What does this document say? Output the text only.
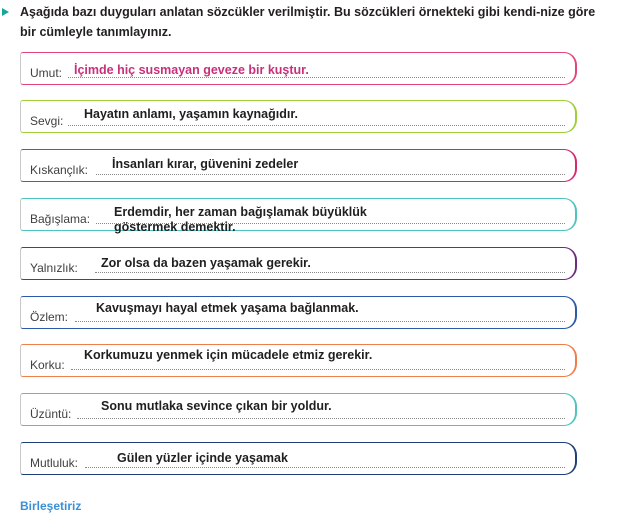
Aşağıda bazı duyguları anlatan sözcükler verilmiştir. Bu sözcükleri örnekteki gibi kendi-nize göre bir cümleyle tanımlayınız.
Umut: İçimde hiç susmayan geveze bir kuştur.
Sevgi: Hayatın anlamı, yaşamın kaynağıdır.
Kıskançlık: İnsanları kırar, güvenini zedeler
Bağışlama: Erdemdir, her zaman bağışlamak büyüklük
göstermek demektir.
Yalnızlık: Zor olsa da bazen yaşamak gerekir.
Özlem:
Kavuşmayı hayal etmek yaşama bağlanmak.
Korku:
Korkumuzu yenmek için mücadele etmiz gerekir.
Üzüntü:
Sonu mutlaka sevince çıkan bir yoldur.
Mutluluk:	Gülen yüzler içinde yaşamak
Birleşetiriz
